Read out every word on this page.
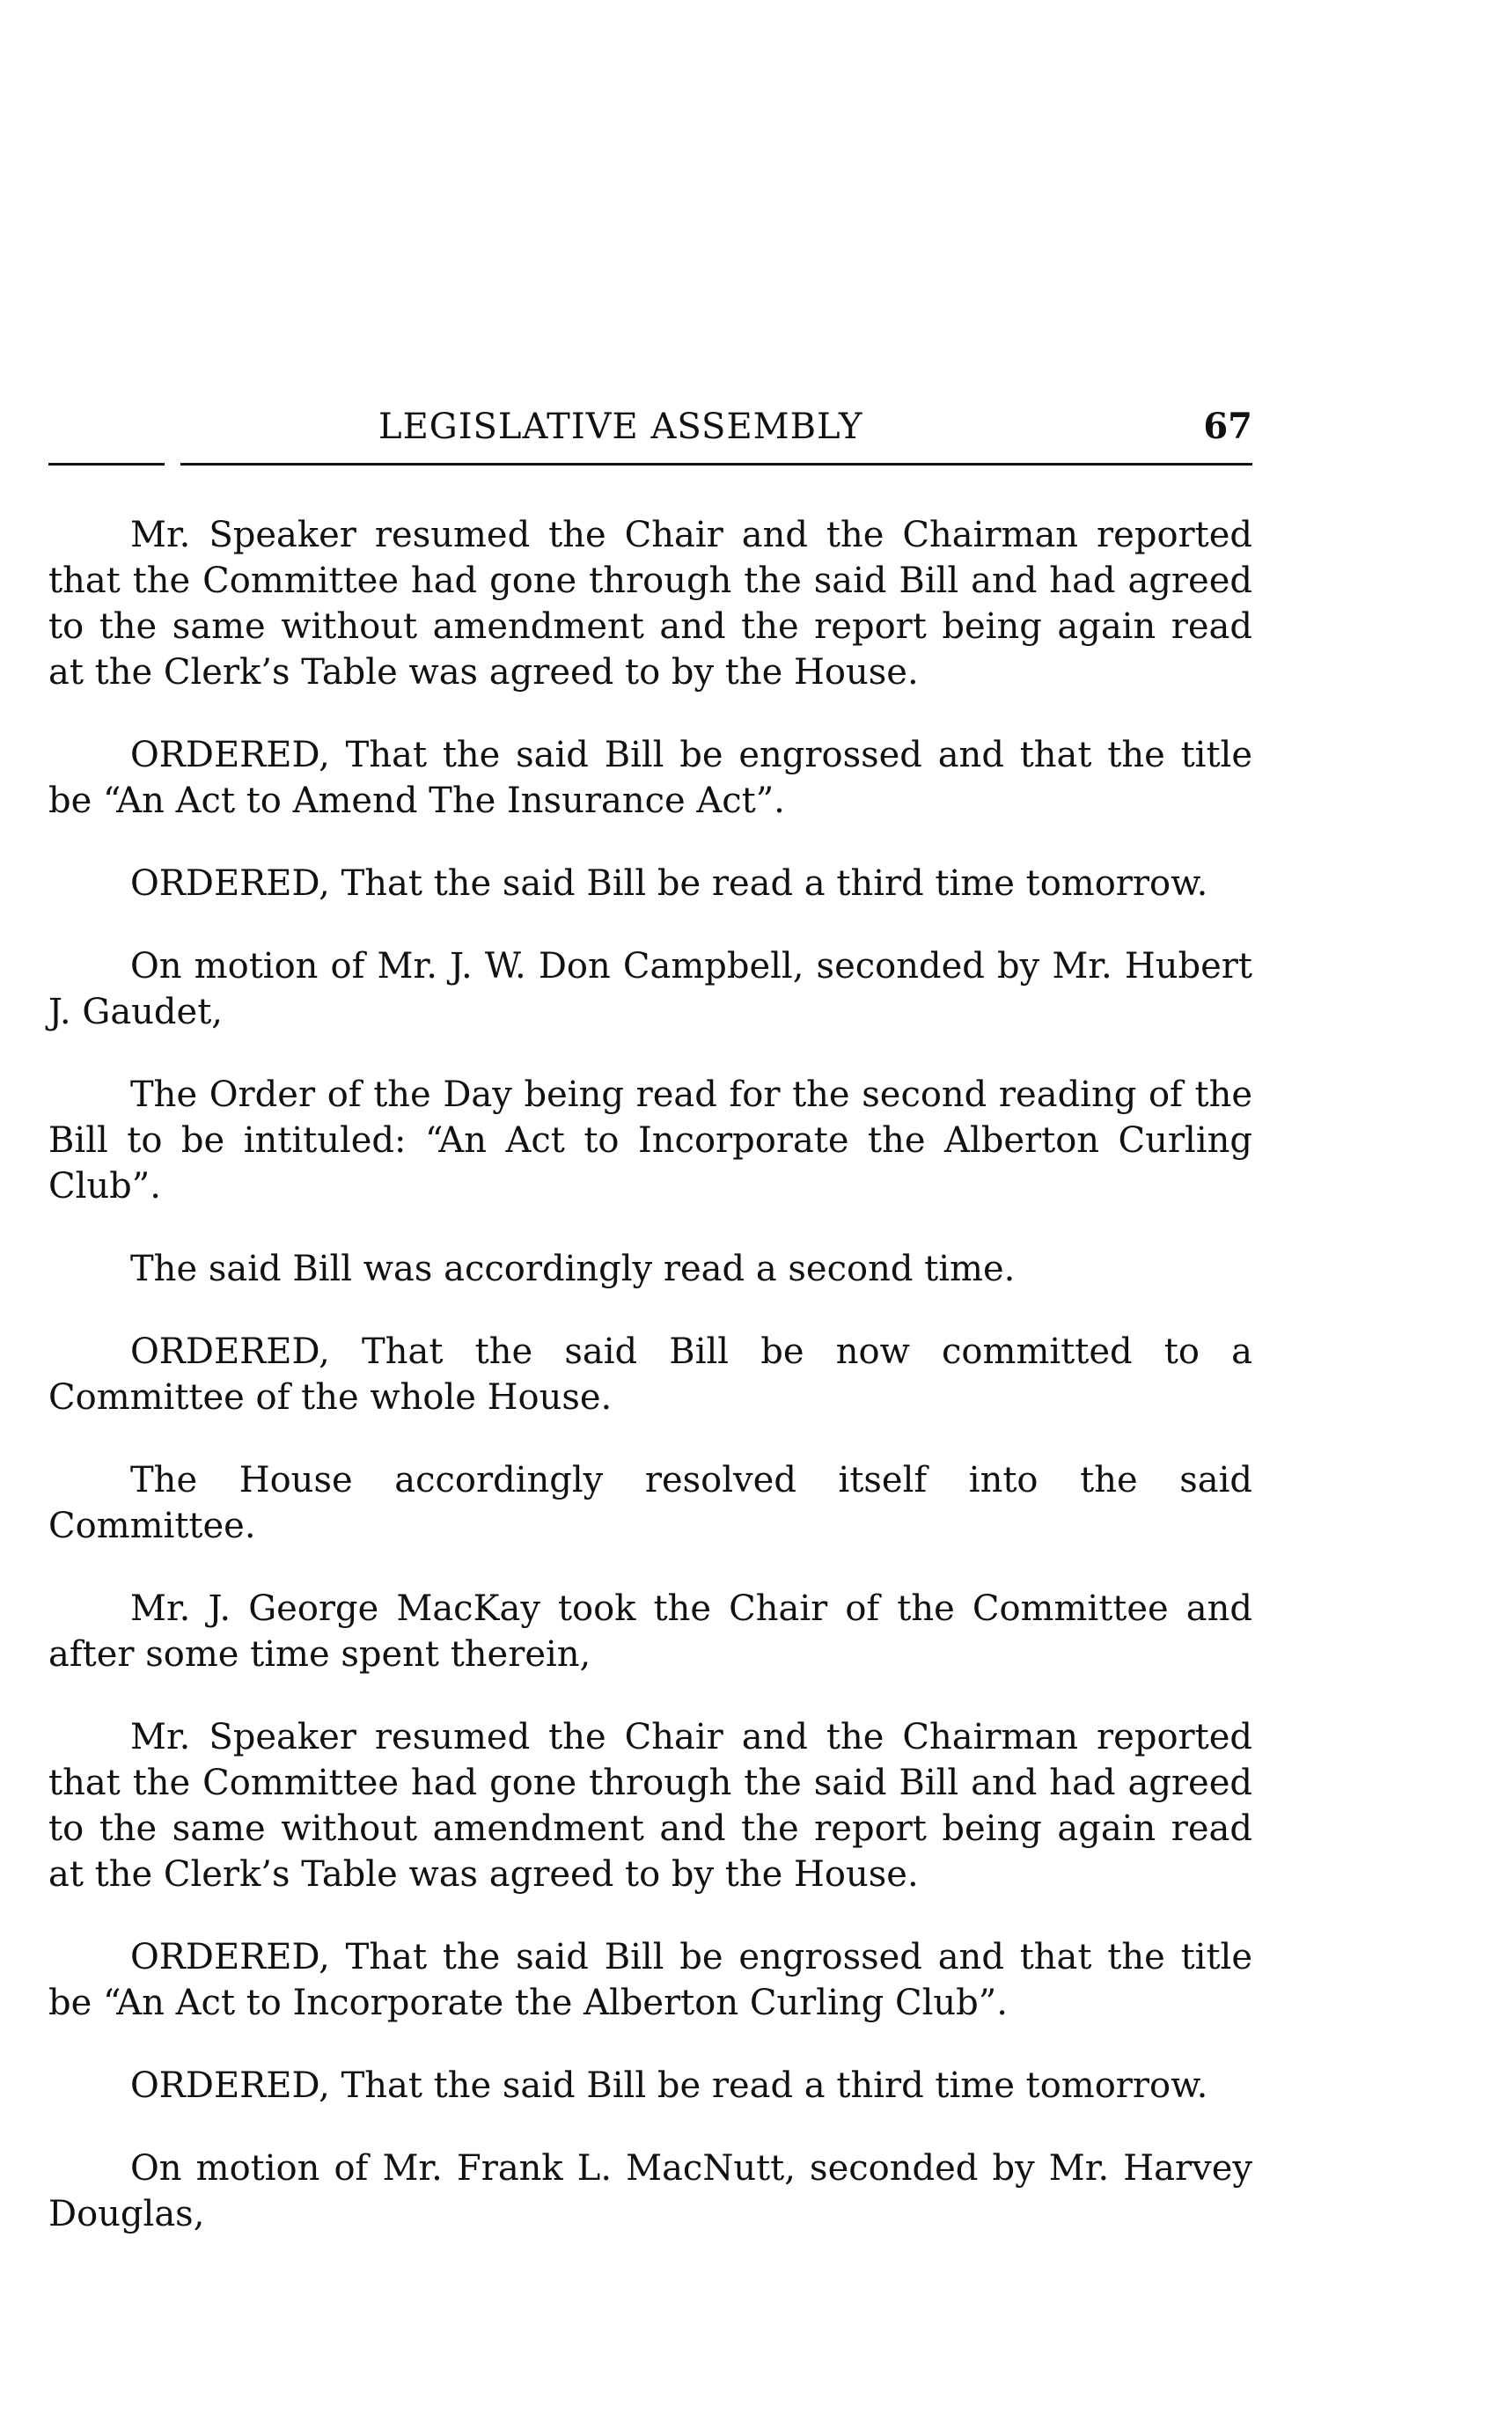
LEGISLATIVE ASSEMBLY	67

Mr. Speaker resumed the Chair and the Chairman reported that the Committee had gone through the said Bill and had agreed to the same without amendment and the report being again read at the Clerk’s Table was agreed to by the House.

ORDERED, That the said Bill be engrossed and that the title be “An Act to Amend The Insurance Act”.

ORDERED, That the said Bill be read a third time tomorrow.

On motion of Mr. J. W. Don Campbell, seconded by Mr. Hubert J. Gaudet,

The Order of the Day being read for the second reading of the Bill to be intituled: “An Act to Incorporate the Alberton Curling Club”.

The said Bill was accordingly read a second time.

ORDERED, That the said Bill be now committed to a Committee of the whole House.

The House accordingly resolved itself into the said Committee.

Mr. J. George MacKay took the Chair of the Committee and after some time spent therein,

Mr. Speaker resumed the Chair and the Chairman reported that the Committee had gone through the said Bill and had agreed to the same without amendment and the report being again read at the Clerk’s Table was agreed to by the House.

ORDERED, That the said Bill be engrossed and that the title be “An Act to Incorporate the Alberton Curling Club”.

ORDERED, That the said Bill be read a third time tomorrow.

On motion of Mr. Frank L. MacNutt, seconded by Mr. Harvey Douglas,
